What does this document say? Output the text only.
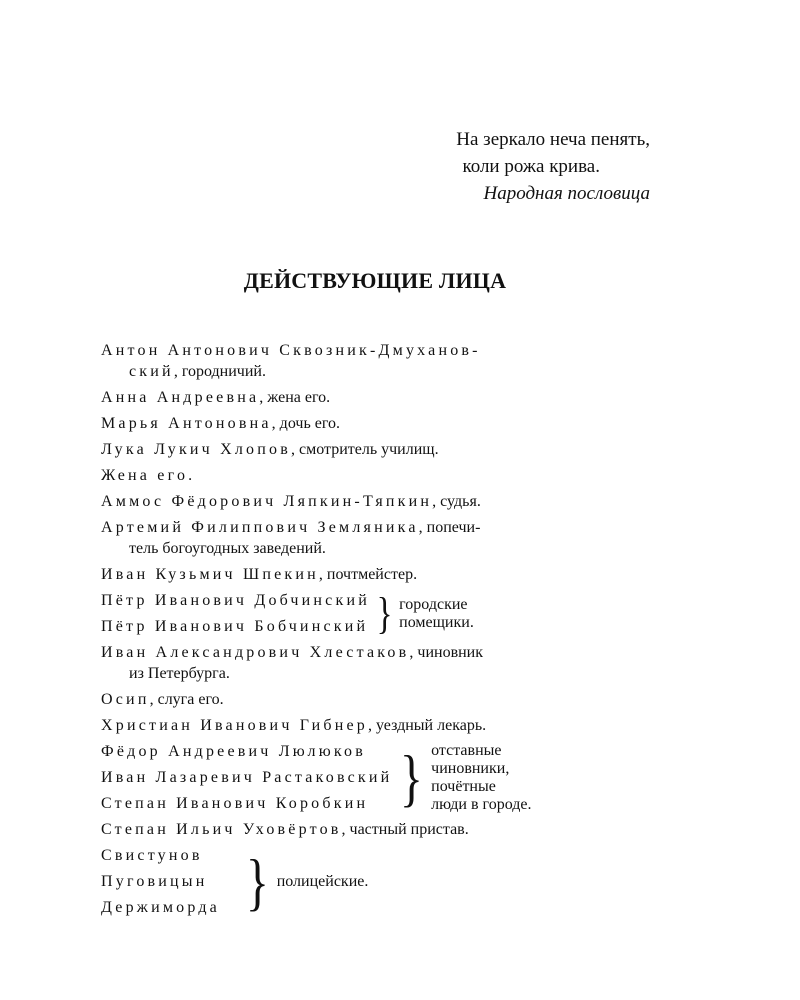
На зеркало неча пенять,
коли рожа крива.
Народная пословица
ДЕЙСТВУЮЩИЕ ЛИЦА
Антон Антонович Сквозник-Дмуханов-
ский, городничий.
Анна Андреевна, жена его.
Марья Антоновна, дочь его.
Лука Лукич Хлопов, смотритель училищ.
Жена его.
Аммос Фёдорович Ляпкин-Тяпкин, судья.
Артемий Филиппович Земляника, попечи-
тель богоугодных заведений.
Иван Кузьмич Шпекин, почтмейстер.
Пётр Иванович Добчинский
Пётр Иванович Бобчинский } городские
помещики.
Иван Александрович Хлестаков, чиновник
из Петербурга.
Осип, слуга его.
Христиан Иванович Гибнер, уездный лекарь.
Фёдор Андреевич Люлюков
Иван Лазаревич Растаковский
Степан Иванович Коробкин } отставные
чиновники,
почётные
люди в городе.
Степан Ильич Уховёртов, частный пристав.
Свистунов
Пуговицын
Держиморда } полицейские.
